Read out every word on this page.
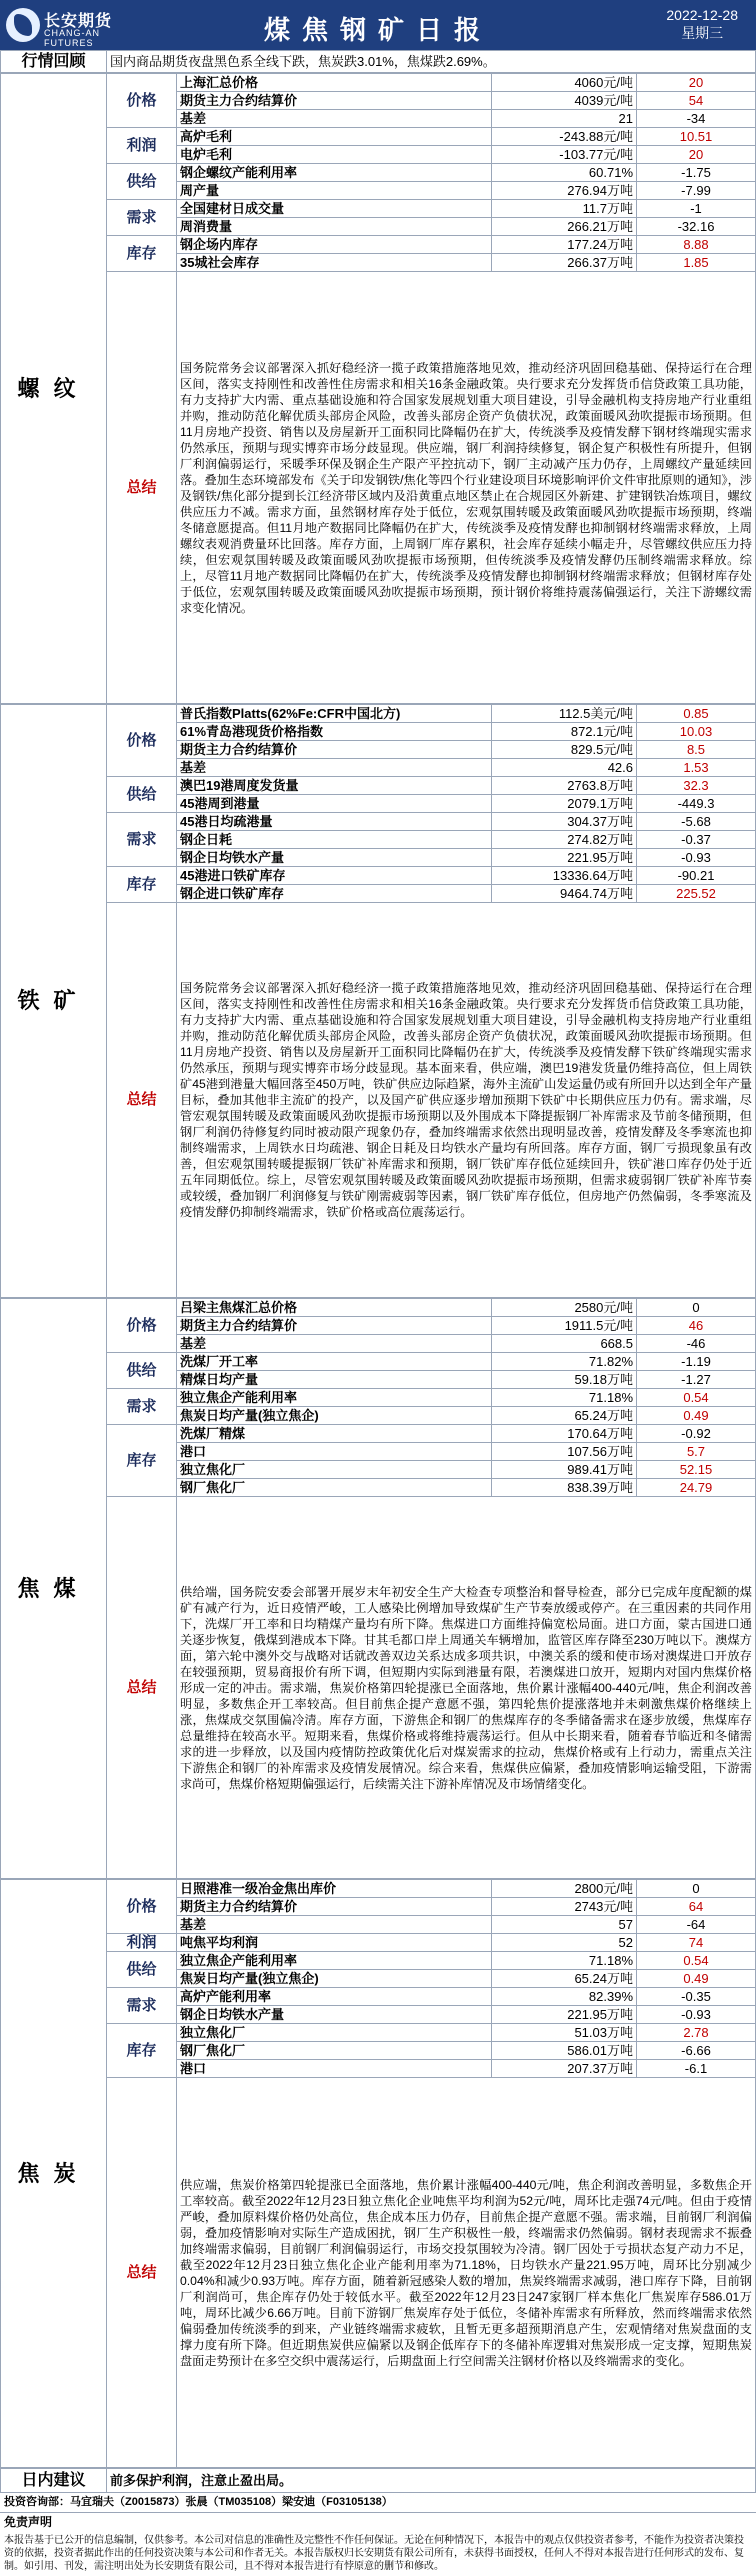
长安期货
CHANG-AN FUTURES	煤焦钢矿日报
2022-12-28
星期三
行情回顾	国内商品期货夜盘黑色系全线下跌，焦炭跌3.01%，焦煤跌2.69%。
螺纹	价格	上海汇总价格	4060元/吨	20
		期货主力合约结算价	4039元/吨	54
		基差	21	-34
	利润	高炉毛利	-243.88元/吨	10.51
		电炉毛利	-103.77元/吨	20
	供给	钢企螺纹产能利用率	60.71%	-1.75
		周产量	276.94万吨	-7.99
	需求	全国建材日成交量	11.7万吨	-1
		周消费量	266.21万吨	-32.16
	库存	钢企场内库存	177.24万吨	8.88
		35城社会库存	266.37万吨	1.85
	总结	国务院常务会议部署深入抓好稳经济一揽子政策措施落地见效，推动经济巩固回稳基础、保持运行在合理区间，落实支持刚性和改善性住房需求和相关16条金融政策。央行要求充分发挥货币信贷政策工具功能，有力支持扩大内需、重点基础设施和符合国家发展规划重大项目建设，引导金融机构支持房地产行业重组并购，推动防范化解优质头部房企风险，改善头部房企资产负债状况，政策面暖风劲吹提振市场预期。但11月房地产投资、销售以及房屋新开工面积同比降幅仍在扩大，传统淡季及疫情发酵下钢材终端现实需求仍然承压，预期与现实博弈市场分歧显现。供应端，钢厂利润持续修复，钢企复产积极性有所提升，但钢厂利润偏弱运行，采暖季环保及钢企生产限产平控抗动下，钢厂主动减产压力仍存，上周螺纹产量延续回落。叠加生态环境部发布《关于印发钢铁/焦化等四个行业建设项目环境影响评价文件审批原则的通知》，涉及钢铁/焦化部分提到长江经济带区域内及沿黄重点地区禁止在合规园区外新建、扩建钢铁冶炼项目，螺纹供应压力不减。需求方面，虽然钢材库存处于低位，宏观氛围转暖及政策面暖风劲吹提振市场预期，终端冬储意愿提高。但11月地产数据同比降幅仍在扩大，传统淡季及疫情发酵也抑制钢材终端需求释放，上周螺纹表观消费量环比回落。库存方面，上周钢厂库存累积，社会库存延续小幅走升，尽管螺纹供应压力持续，但宏观氛围转暖及政策面暖风劲吹提振市场预期，但传统淡季及疫情发酵仍压制终端需求释放。综上，尽管11月地产数据同比降幅仍在扩大，传统淡季及疫情发酵也抑制钢材终端需求释放；但钢材库存处于低位，宏观氛围转暖及政策面暖风劲吹提振市场预期，预计钢价将维持震荡偏强运行，关注下游螺纹需求变化情况。		
铁矿	价格	普氏指数Platts(62%Fe:CFR中国北方)	112.5美元/吨	0.85
		61%青岛港现货价格指数	872.1元/吨	10.03
		期货主力合约结算价	829.5元/吨	8.5
		基差	42.6	1.53
	供给	澳巴19港周度发货量	2763.8万吨	32.3
		45港周到港量	2079.1万吨	-449.3
	需求	45港日均疏港量	304.37万吨	-5.68
		钢企日耗	274.82万吨	-0.37
		钢企日均铁水产量	221.95万吨	-0.93
	库存	45港进口铁矿库存	13336.64万吨	-90.21
		钢企进口铁矿库存	9464.74万吨	225.52
	总结	国务院常务会议部署深入抓好稳经济一揽子政策措施落地见效，推动经济巩固回稳基础、保持运行在合理区间，落实支持刚性和改善性住房需求和相关16条金融政策。央行要求充分发挥货币信贷政策工具功能，有力支持扩大内需、重点基础设施和符合国家发展规划重大项目建设，引导金融机构支持房地产行业重组并购，推动防范化解优质头部房企风险，改善头部房企资产负债状况，政策面暖风劲吹提振市场预期。但11月房地产投资、销售以及房屋新开工面积同比降幅仍在扩大，传统淡季及疫情发酵下铁矿终端现实需求仍然承压，预期与现实博弈市场分歧显现。基本面来看，供应端，澳巴19港发货量仍维持高位，但上周铁矿45港到港量大幅回落至450万吨，铁矿供应边际趋紧，海外主流矿山发运量仍或有所回升以达到全年产量目标，叠加其他非主流矿的投产，以及国产矿供应逐步增加预期下铁矿中长期供应压力仍有。需求端，尽管宏观氛围转暖及政策面暖风劲吹提振市场预期以及外围成本下降提振钢厂补库需求及节前冬储预期，但钢厂利润仍待修复约同时被动限产现象仍存，叠加终端需求依然出现明显改善，疫情发酵及冬季寒流也抑制终端需求，上周铁水日均疏港、钢企日耗及日均铁水产量均有所回落。库存方面，钢厂亏损现象虽有改善，但宏观氛围转暖提振钢厂铁矿补库需求和预期，钢厂铁矿库存低位延续回升，铁矿港口库存仍处于近五年同期低位。综上，尽管宏观氛围转暖及政策面暖风劲吹提振市场预期，但需求疲弱钢厂铁矿补库节奏或较缓，叠加钢厂利润修复与铁矿刚需疲弱等因素，钢厂铁矿库存低位，但房地产仍然偏弱，冬季寒流及疫情发酵仍抑制终端需求，铁矿价格或高位震荡运行。		
焦煤	价格	吕梁主焦煤汇总价格	2580元/吨	0
		期货主力合约结算价	1911.5元/吨	46
		基差	668.5	-46
	供给	洗煤厂开工率	71.82%	-1.19
		精煤日均产量	59.18万吨	-1.27
	需求	独立焦企产能利用率	71.18%	0.54
		焦炭日均产量(独立焦企)	65.24万吨	0.49
	库存	洗煤厂精煤	170.64万吨	-0.92
		港口	107.56万吨	5.7
		独立焦化厂	989.41万吨	52.15
		钢厂焦化厂	838.39万吨	24.79
	总结	供给端，国务院安委会部署开展岁末年初安全生产大检查专项整治和督导检查，部分已完成年度配额的煤矿有减产行为，近日疫情严峻，工人感染比例增加导致煤矿生产节奏放缓或停产。在三重因素的共同作用下，洗煤厂开工率和日均精煤产量均有所下降。焦煤进口方面维持偏宽松局面。进口方面，蒙古国进口通关逐步恢复，俄煤到港成本下降。甘其毛都口岸上周通关车辆增加，监管区库存降至230万吨以下。澳煤方面，第六轮中澳外交与战略对话就改善双边关系达成多项共识，中澳关系的缓和使市场对澳煤进口开放存在较强预期，贸易商报价有所下调，但短期内实际到港量有限，若澳煤进口放开，短期内对国内焦煤价格形成一定的冲击。需求端，焦炭价格第四轮提涨已全面落地，焦价累计涨幅400-440元/吨，焦企利润改善明显，多数焦企开工率较高。但目前焦企提产意愿不强，第四轮焦价提涨落地并未刺激焦煤价格继续上涨，焦煤成交氛围偏冷清。库存方面，下游焦企和钢厂的焦煤库存的冬季储备需求在逐步放缓，焦煤库存总量维持在较高水平。短期来看，焦煤价格或将维持震荡运行。但从中长期来看，随着春节临近和冬储需求的进一步释放，以及国内疫情防控政策优化后对煤炭需求的拉动，焦煤价格或有上行动力，需重点关注下游焦企和钢厂的补库需求及疫情发展情况。综合来看，焦煤供应偏紧，叠加疫情影响运输受阻，下游需求尚可，焦煤价格短期偏强运行，后续需关注下游补库情况及市场情绪变化。		
焦炭	价格	日照港准一级冶金焦出库价	2800元/吨	0
		期货主力合约结算价	2743元/吨	64
		基差	57	-64
	利润	吨焦平均利润	52	74
	供给	独立焦企产能利用率	71.18%	0.54
		焦炭日均产量(独立焦企)	65.24万吨	0.49
	需求	高炉产能利用率	82.39%	-0.35
		钢企日均铁水产量	221.95万吨	-0.93
	库存	独立焦化厂	51.03万吨	2.78
		钢厂焦化厂	586.01万吨	-6.66
		港口	207.37万吨	-6.1
	总结	供应端，焦炭价格第四轮提涨已全面落地，焦价累计涨幅400-440元/吨，焦企利润改善明显，多数焦企开工率较高。截至2022年12月23日独立焦化企业吨焦平均利润为52元/吨，周环比走强74元/吨。但由于疫情严峻，叠加原料煤价格仍处高位，焦企成本压力仍存，目前焦企提产意愿不强。需求端，目前钢厂利润偏弱，叠加疫情影响对实际生产造成困扰，钢厂生产积极性一般，终端需求仍然偏弱。钢材表现需求不振叠加终端需求偏弱，目前钢厂利润偏弱运行，市场交投氛围较为冷清。钢厂因处于亏损状态复产动力不足，截至2022年12月23日独立焦化企业产能利用率为71.18%，日均铁水产量221.95万吨，周环比分别减少0.04%和减少0.93万吨。库存方面，随着新冠感染人数的增加，焦炭终端需求减弱，港口库存下降，目前钢厂利润尚可，焦企库存仍处于较低水平。截至2022年12月23日247家钢厂样本焦化厂焦炭库存586.01万吨，周环比减少6.66万吨。目前下游钢厂焦炭库存处于低位，冬储补库需求有所释放，然而终端需求依然偏弱叠加传统淡季的到来，产业链终端需求疲软，且暂无更多超预期消息产生，宏观情绪对焦炭盘面的支撑力度有所下降。但近期焦炭供应偏紧以及钢企低库存下的冬储补库逻辑对焦炭形成一定支撑，短期焦炭盘面走势预计在多空交织中震荡运行，后期盘面上行空间需关注钢材价格以及终端需求的变化。		
日内建议	前多保护利润，注意止盈出局。
投资咨询部：马宜瑞夫（Z0015873）张晨（TM035108）梁安迪（F03105138）
免责声明
本报告基于已公开的信息编制，仅供参考。本公司对信息的准确性及完整性不作任何保证。无论在何种情况下，本报告中的观点仅供投资者参考，不能作为投资者决策投资的依据，投资者据此作出的任何投资决策与本公司和作者无关。本报告版权归长安期货有限公司所有，未获得书面授权，任何人不得对本报告进行任何形式的发布、复制。如引用、刊发，需注明出处为长安期货有限公司，且不得对本报告进行有悖原意的删节和修改。
